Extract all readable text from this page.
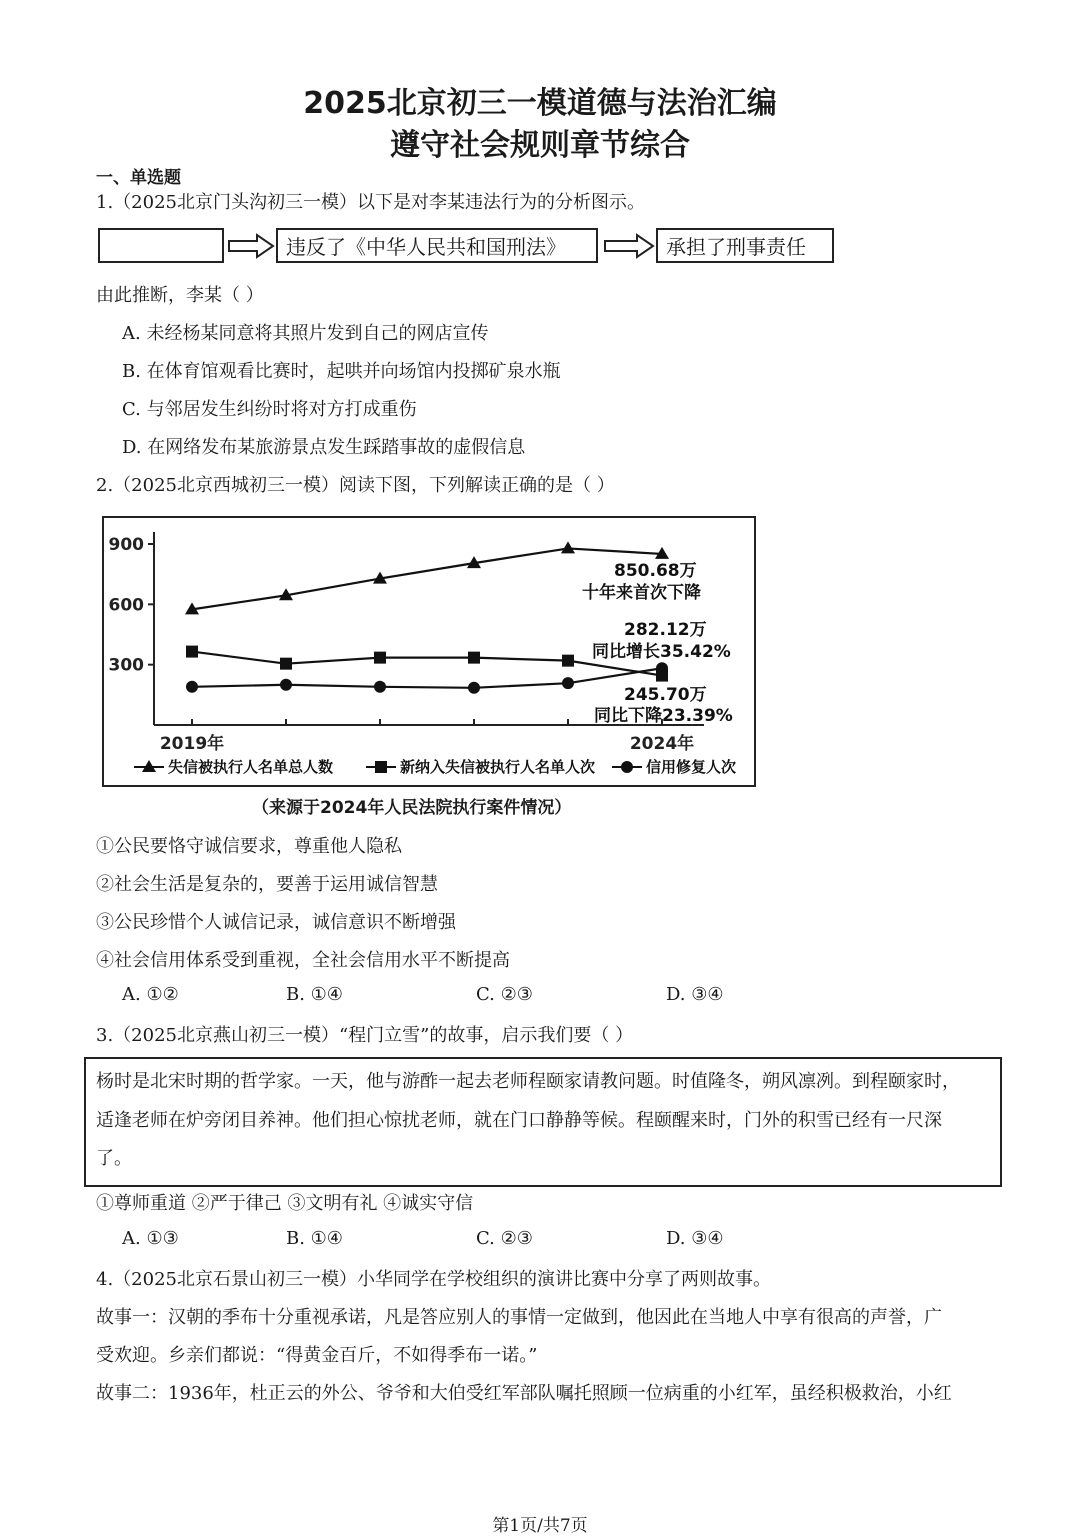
2025北京初三一模道德与法治汇编
遵守社会规则章节综合
一、单选题
1.（2025北京门头沟初三一模）以下是对李某违法行为的分析图示。
违反了《中华人民共和国刑法》	承担了刑事责任
由此推断，李某（ ）
A. 未经杨某同意将其照片发到自己的网店宣传
B. 在体育馆观看比赛时，起哄并向场馆内投掷矿泉水瓶
C. 与邻居发生纠纷时将对方打成重伤
D. 在网络发布某旅游景点发生踩踏事故的虚假信息
2.（2025北京西城初三一模）阅读下图，下列解读正确的是（ ）
900
600
300
2019年	2024年
850.68万
十年来首次下降
282.12万
同比增长35.42%
245.70万
同比下降23.39%
失信被执行人名单总人数	新纳入失信被执行人名单人次	信用修复人次
（来源于2024年人民法院执行案件情况）
①公民要恪守诚信要求，尊重他人隐私
②社会生活是复杂的，要善于运用诚信智慧
③公民珍惜个人诚信记录，诚信意识不断增强
④社会信用体系受到重视，全社会信用水平不断提高
A. ①②	B. ①④	C. ②③	D. ③④
3.（2025北京燕山初三一模）“程门立雪”的故事，启示我们要（ ）
杨时是北宋时期的哲学家。一天，他与游酢一起去老师程颐家请教问题。时值隆冬，朔风凛冽。到程颐家时，
适逢老师在炉旁闭目养神。他们担心惊扰老师，就在门口静静等候。程颐醒来时，门外的积雪已经有一尺深
了。
①尊师重道 ②严于律己 ③文明有礼 ④诚实守信
A. ①③	B. ①④	C. ②③	D. ③④
4.（2025北京石景山初三一模）小华同学在学校组织的演讲比赛中分享了两则故事。
故事一：汉朝的季布十分重视承诺，凡是答应别人的事情一定做到，他因此在当地人中享有很高的声誉，广
受欢迎。乡亲们都说：“得黄金百斤，不如得季布一诺。”
故事二：1936年，杜正云的外公、爷爷和大伯受红军部队嘱托照顾一位病重的小红军，虽经积极救治，小红
第1页/共7页
